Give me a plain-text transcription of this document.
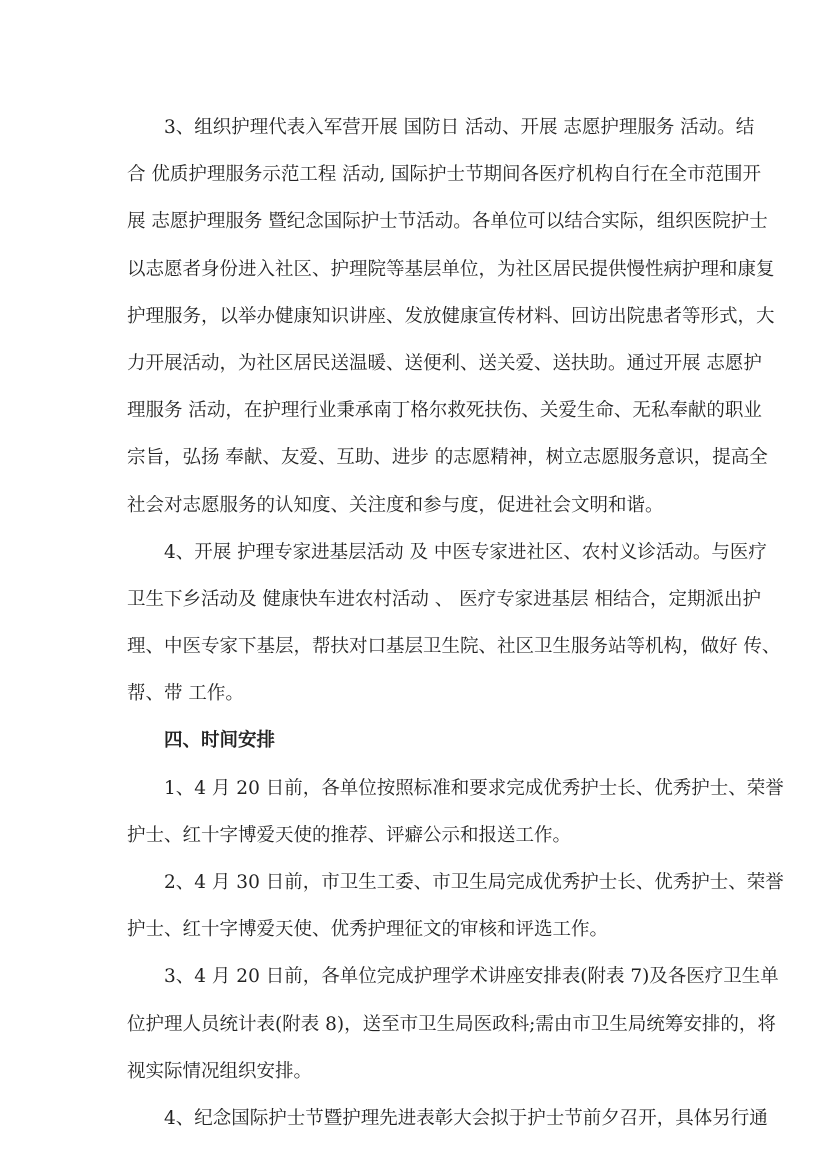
3、组织护理代表入军营开展 国防日 活动、开展 志愿护理服务 活动。结
合 优质护理服务示范工程 活动, 国际护士节期间各医疗机构自行在全市范围开
展 志愿护理服务 暨纪念国际护士节活动。各单位可以结合实际，组织医院护士
以志愿者身份进入社区、护理院等基层单位，为社区居民提供慢性病护理和康复
护理服务，以举办健康知识讲座、发放健康宣传材料、回访出院患者等形式，大
力开展活动，为社区居民送温暖、送便利、送关爱、送扶助。通过开展 志愿护
理服务 活动，在护理行业秉承南丁格尔救死扶伤、关爱生命、无私奉献的职业
宗旨，弘扬 奉献、友爱、互助、进步 的志愿精神，树立志愿服务意识，提高全
社会对志愿服务的认知度、关注度和参与度，促进社会文明和谐。
4、开展 护理专家进基层活动 及 中医专家进社区、农村义诊活动。与医疗
卫生下乡活动及 健康快车进农村活动 、 医疗专家进基层 相结合，定期派出护
理、中医专家下基层，帮扶对口基层卫生院、社区卫生服务站等机构，做好 传、
帮、带 工作。
四、时间安排
1、4 月 20 日前，各单位按照标准和要求完成优秀护士长、优秀护士、荣誉
护士、红十字博爱天使的推荐、评癖公示和报送工作。
2、4 月 30 日前，市卫生工委、市卫生局完成优秀护士长、优秀护士、荣誉
护士、红十字博爱天使、优秀护理征文的审核和评选工作。
3、4 月 20 日前，各单位完成护理学术讲座安排表(附表 7)及各医疗卫生单
位护理人员统计表(附表 8)，送至市卫生局医政科;需由市卫生局统筹安排的，将
视实际情况组织安排。
4、纪念国际护士节暨护理先进表彰大会拟于护士节前夕召开，具体另行通
